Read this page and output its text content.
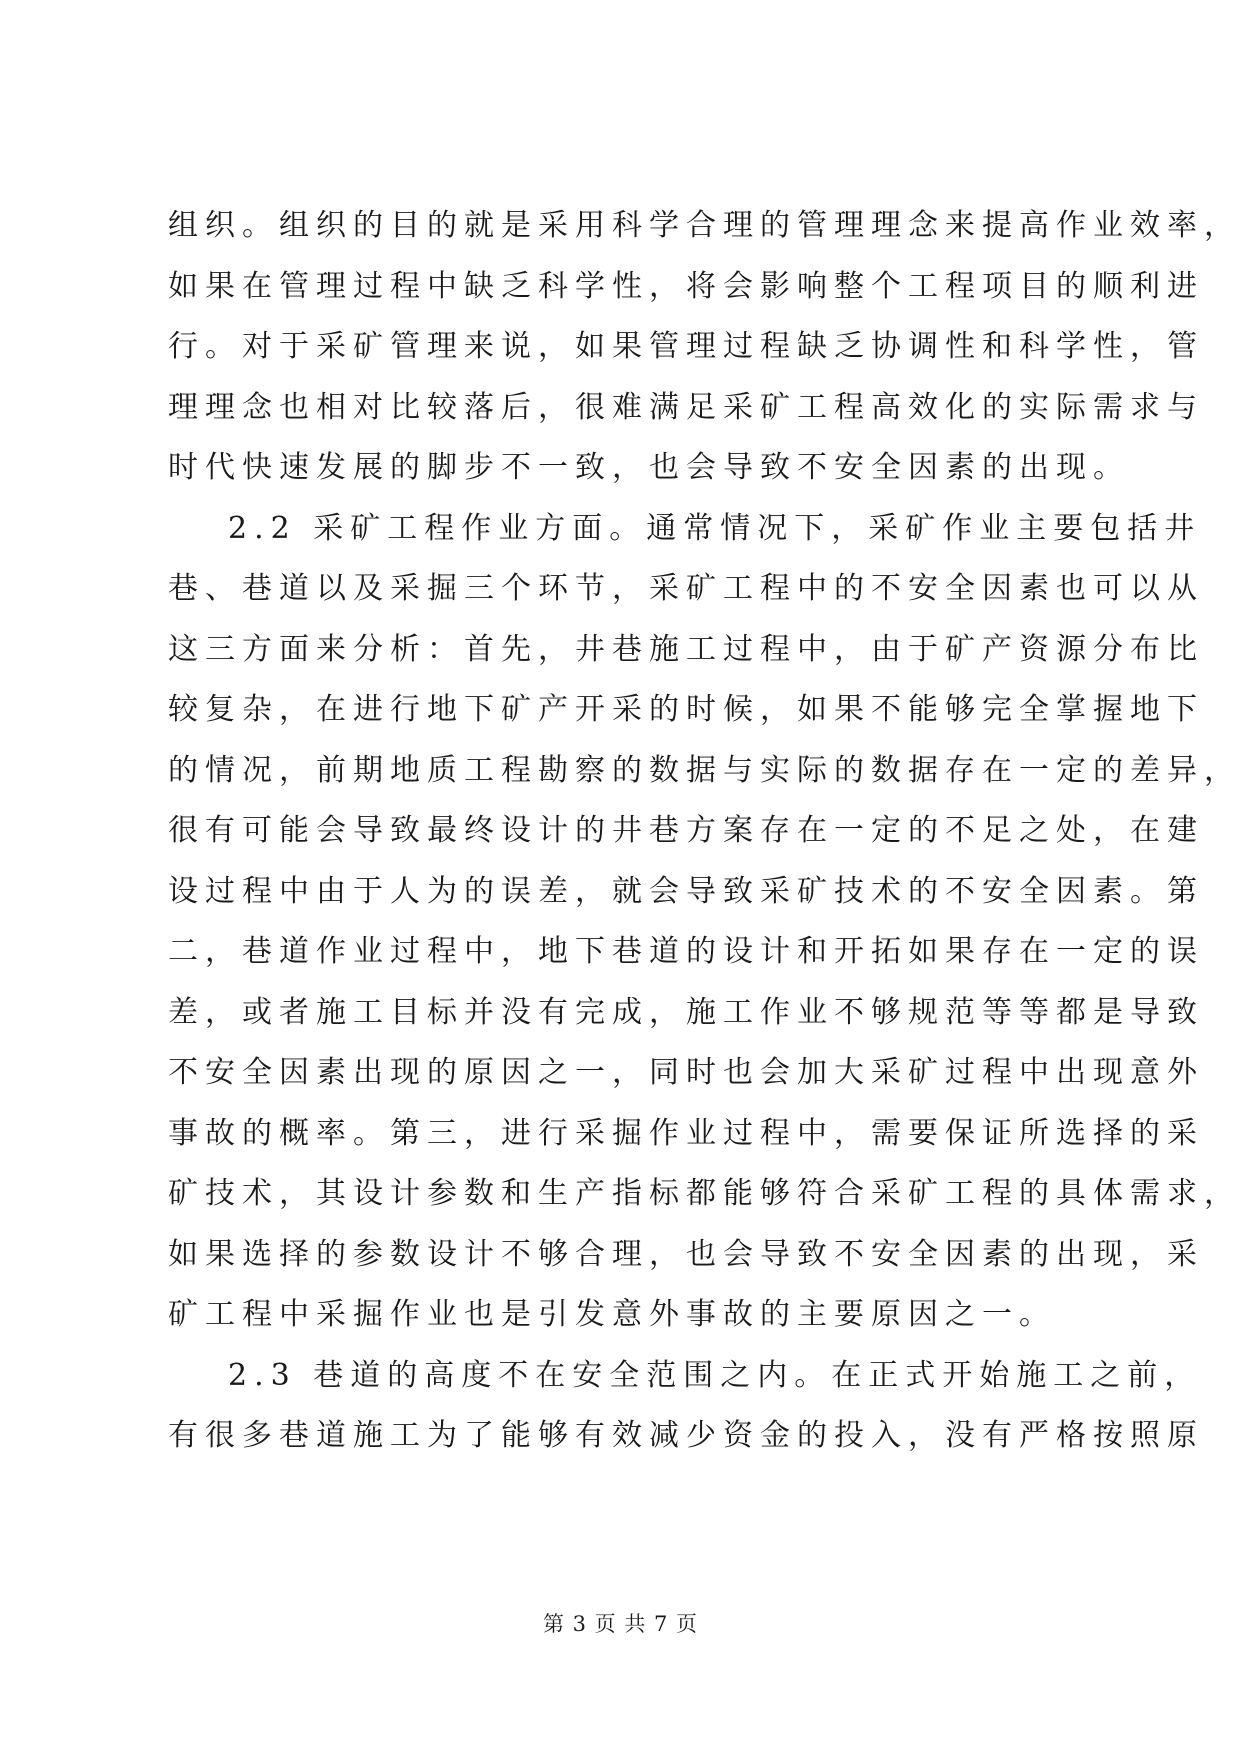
组织。组织的目的就是采用科学合理的管理理念来提高作业效率，
如果在管理过程中缺乏科学性，将会影响整个工程项目的顺利进
行。对于采矿管理来说，如果管理过程缺乏协调性和科学性，管
理理念也相对比较落后，很难满足采矿工程高效化的实际需求与
时代快速发展的脚步不一致，也会导致不安全因素的出现。
2.2 采矿工程作业方面。通常情况下，采矿作业主要包括井
巷、巷道以及采掘三个环节，采矿工程中的不安全因素也可以从
这三方面来分析：首先，井巷施工过程中，由于矿产资源分布比
较复杂，在进行地下矿产开采的时候，如果不能够完全掌握地下
的情况，前期地质工程勘察的数据与实际的数据存在一定的差异，
很有可能会导致最终设计的井巷方案存在一定的不足之处，在建
设过程中由于人为的误差，就会导致采矿技术的不安全因素。第
二，巷道作业过程中，地下巷道的设计和开拓如果存在一定的误
差，或者施工目标并没有完成，施工作业不够规范等等都是导致
不安全因素出现的原因之一，同时也会加大采矿过程中出现意外
事故的概率。第三，进行采掘作业过程中，需要保证所选择的采
矿技术，其设计参数和生产指标都能够符合采矿工程的具体需求，
如果选择的参数设计不够合理，也会导致不安全因素的出现，采
矿工程中采掘作业也是引发意外事故的主要原因之一。
2.3 巷道的高度不在安全范围之内。在正式开始施工之前，
有很多巷道施工为了能够有效减少资金的投入，没有严格按照原
第 3 页 共 7 页
